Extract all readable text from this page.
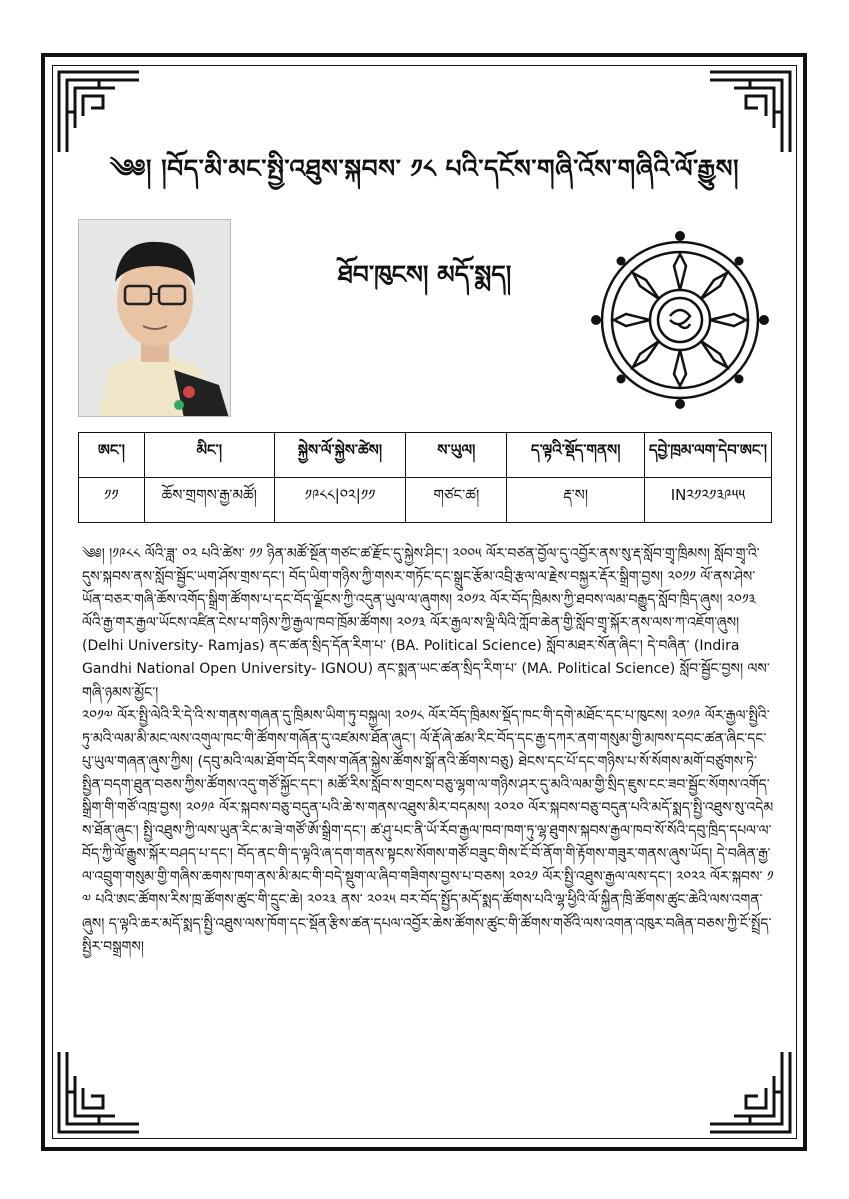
༄༅། །བོད་མི་མང་སྤྱི་འཐུས་སྐབས་ ༡༨ པའི་དངོས་གཞི་འོས་གཞིའི་ལོ་རྒྱུས།
ཐོབ་ཁུངས། མདོ་སྨད།
ཨང་།	མིང་།	སྐྱེས་ལོ་སྐྱེས་ཚེས།	ས་ཡུལ།	ད་ལྟའི་སྡོད་གནས།	དབྱེ་ཁྲམ་ལག་དེབ་ཨང་།
༡༡	ཆོས་གྲགས་རྒྱ་མཚོ།	༡༩༨༨|༠༢|༡༡	གཙང་ཚ།	རྡ་ས།	IN༢༡༢༡༣༩༥༥

༄༅། །༡༩༨༨ ལོའི་ཟླ་ ༠༢ པའི་ཚེས་ ༡༡ ཉིན་མཚོ་སྔོན་གཙང་ཚ་རྫོང་དུ་སྐྱེས་ཤིང་། ༢༠༠༥ ལོར་བཙན་བྱོལ་དུ་འབྱོར་ནས་སུ་རྡ་སློབ་གྲྭ་ཁྲིམས། སློབ་གྲྭ་འི་དུས་སྐབས་ནས་སློབ་སྦྱོང་ཡག་ཤོས་གྲས་དང་། བོད་ཡིག་གཉིས་ཀྱི་གསར་གཏོང་དང་སྒྲུང་རྩོམ་འབྲི་རྩལ་ལ་རྗེས་བསྐྱར་རྡོར་སྒྲིག་བྱས། ༢༠༡༡ ལོ་ནས་ཤེས་ཡོན་བཅར་གཞི་ཆོས་འགོད་སྒྲིག་ཚོགས་པ་དང་བོད་ལྗོངས་ཀྱི་འདུན་ཡུལ་ལ་ཞུགས། ༢༠༡༢ ལོར་བོད་ཁྲིམས་ཀྱི་ཐབས་ལམ་བརྒྱུད་སློབ་ཁྲིད་ཞུས། ༢༠༡༣ ལོའི་རྒྱ་གར་རྒྱལ་ཡོངས་འཛིན་ངེས་པ་གཉིས་ཀྱི་རྒྱལ་ཁབ་ཁྲོམ་ཚོགས། ༢༠༡༣ ལོར་རྒྱལ་ས་ལྡི་ལིའི་ཀློབ་ཆེན་གྱི་སློབ་གྲྭ་སྐོར་ནས་ལས་ཀ་འཇོག་ཞུས། (Delhi University- Ramjas) ནང་ཚན་སྲིད་དོན་རིག་པ་ (BA. Political Science) སློབ་མཐར་སོན་ཞིང་། དེ་བཞིན་ (Indira Gandhi National Open University- IGNOU) ནང་སྨན་ཡང་ཚན་སྲིད་རིག་པ་ (MA. Political Science) སློབ་སྦྱོང་བྱས། ལས་གཞི་ཉམས་མྱོང་།

༢༠༡༧ ལོར་སྤྱི་ལེའི་རི་དེ་འི་ས་གནས་གཞན་དུ་ཁྲིམས་ཡིག་ཏུ་བསྐྱལ། ༢༠༡༨ ལོར་བོད་ཁྲིམས་སྡོད་ཁང་གི་དགེ་མཐོང་དང་པ་ཁུངས། ༢༠༡༩ ལོར་རྒྱལ་སྤྱིའི་ཏུ་མའི་ལམ་མི་མང་ལས་འགུལ་ཁང་གི་ཚོགས་གཞོན་དུ་འཛམས་ཐོན་ཞུང་། ལོ་རྡོ་ཞེ་ཚམ་རིང་བོད་དང་རྒྱ་དཀར་ནག་གསུམ་གྱི་མཁས་དབང་ཚན་ཞིང་དང་པུ་ཡུལ་གཞན་ཞུས་ཀྱིས། (དབུ་མའི་ལམ་ཐོག་བོད་རིགས་གཞོན་སྐྱེས་ཚོགས་སྒོ་ནའི་ཚོགས་བཅུ) ཐེངས་དང་པོ་དང་གཉིས་པ་སོ་སོགས་མགོ་བཙུགས་ཏེ་སྤྱིན་བདག་ཐུན་བཅས་ཀྱིས་ཚོགས་འདུ་གཙོ་སྐྱོང་དང་། མཚོ་རིས་སློབ་ས་གྲངས་བཅུ་ལྷག་ལ་གཉིས་ཤར་དུ་མའི་ལམ་གྱི་སྲིད་ཇུས་ངང་ཟབ་སྦྱོང་སོགས་འགོད་སྒྲིག་གི་གཙོ་འཁྲ་བྱས། ༢༠༡༩ ལོར་སྐབས་བཅུ་བདུན་པའི་ཆེ་ས་གནས་འཐུས་མིར་བདམས། ༢༠༢༠ ལོར་སྐབས་བཅུ་བདུན་པའི་མདོ་སྨད་སྤྱི་འཐུས་སུ་འདེམས་ཐོན་ཞུང་། སྤྱི་འཐུས་ཀྱི་ལས་ཡུན་རིང་མ་ཟེ་གཙོ་ཨོ་སྒྲིག་དང་། ཚ་ཤུ་པང་ནི་ཡོ་རོབ་རྒྱལ་ཁབ་ཁག་ཏུ་ལྷ་ཐུགས་སྐབས་རྒྱལ་ཁབ་སོ་སོའི་དབུ་ཁྲིད་དཔལ་ལ་བོད་ཀྱི་ལོ་རྒྱུས་སྐོར་བཤད་པ་དང་། བོད་ནང་གི་ད་ལྟའི་ཞ་དག་གནས་སྟངས་སོགས་གཙོ་བཟུང་གིས་ངོ་བོ་ནོག་གི་རྟོགས་གཟུར་གནས་ཞུས་ཡོད། དེ་བཞིན་རྒྱ་ལ་འབྲུག་གསུམ་གྱི་གཞིས་ཆགས་ཁག་ནས་མི་མང་གི་བདེ་སྡུག་ལ་ཞིབ་གཟིགས་བྱས་པ་བཅས། ༢༠༢༡ ལོར་སྤྱི་འཐུས་རྒྱལ་ལས་དང་། ༢༠༢༢ ལོར་སྐབས་ ༡༧ པའི་ཨང་ཚོགས་རིས་ཁྲ་ཚོགས་ཚུང་གི་དྲུང་ཆེ། ༢༠༢༣ ནས་ ༢༠༢༥ བར་བོད་སྤྱོད་མདོ་སྨད་ཚོགས་པའི་ལྷ་ཕྱིའི་ལོ་སྐྱིན་ཁྲི་ཚོགས་ཚུང་ཆེའི་ལས་འགན་ཞུས། ད་ལྟའི་ཆར་མདོ་སྨད་སྤྱི་འཐུས་ལས་ཁོག་དང་སྡོན་རྩིས་ཚན་དཔལ་འབྱོར་ཆེས་ཚོགས་ཚུང་གི་ཚོགས་གཙོའི་ལས་འགན་འཁུར་བཞིན་བཅས་ཀྱི་ངོ་སྤྲོད་སྤྱིར་བསྒྲགས།
